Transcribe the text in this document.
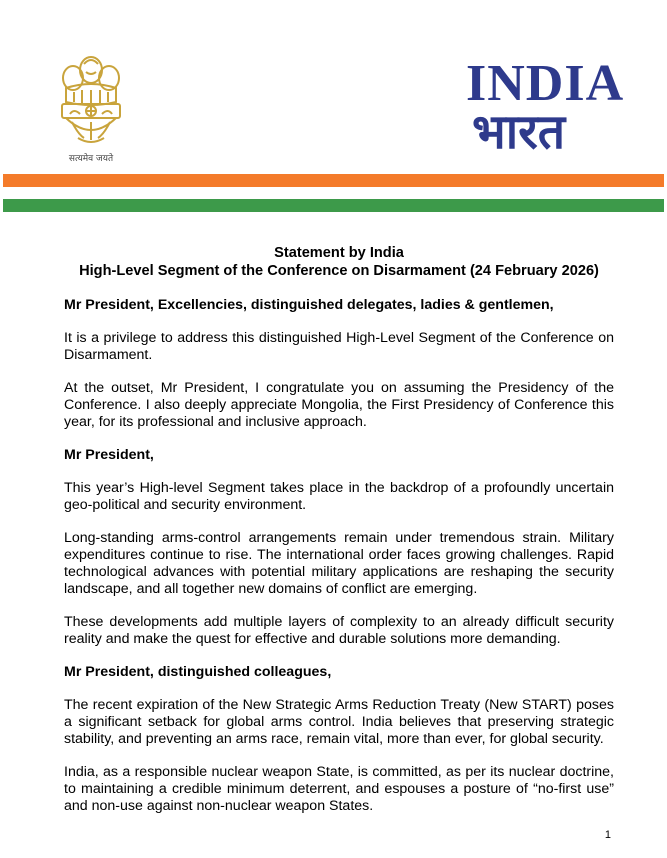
सत्यमेव जयते
INDIA
भारत
Statement by India
High-Level Segment of the Conference on Disarmament (24 February 2026)
Mr President, Excellencies, distinguished delegates, ladies & gentlemen,
It is a privilege to address this distinguished High-Level Segment of the Conference on Disarmament.
At the outset, Mr President, I congratulate you on assuming the Presidency of the Conference. I also deeply appreciate Mongolia, the First Presidency of Conference this year, for its professional and inclusive approach.
Mr President,
This year’s High-level Segment takes place in the backdrop of a profoundly uncertain geo-political and security environment.
Long-standing arms-control arrangements remain under tremendous strain. Military expenditures continue to rise. The international order faces growing challenges. Rapid technological advances with potential military applications are reshaping the security landscape, and all together new domains of conflict are emerging.
These developments add multiple layers of complexity to an already difficult security reality and make the quest for effective and durable solutions more demanding.
Mr President, distinguished colleagues,
The recent expiration of the New Strategic Arms Reduction Treaty (New START) poses a significant setback for global arms control. India believes that preserving strategic stability, and preventing an arms race, remain vital, more than ever, for global security.
India, as a responsible nuclear weapon State, is committed, as per its nuclear doctrine, to maintaining a credible minimum deterrent, and espouses a posture of “no-first use” and non-use against non-nuclear weapon States.
1
